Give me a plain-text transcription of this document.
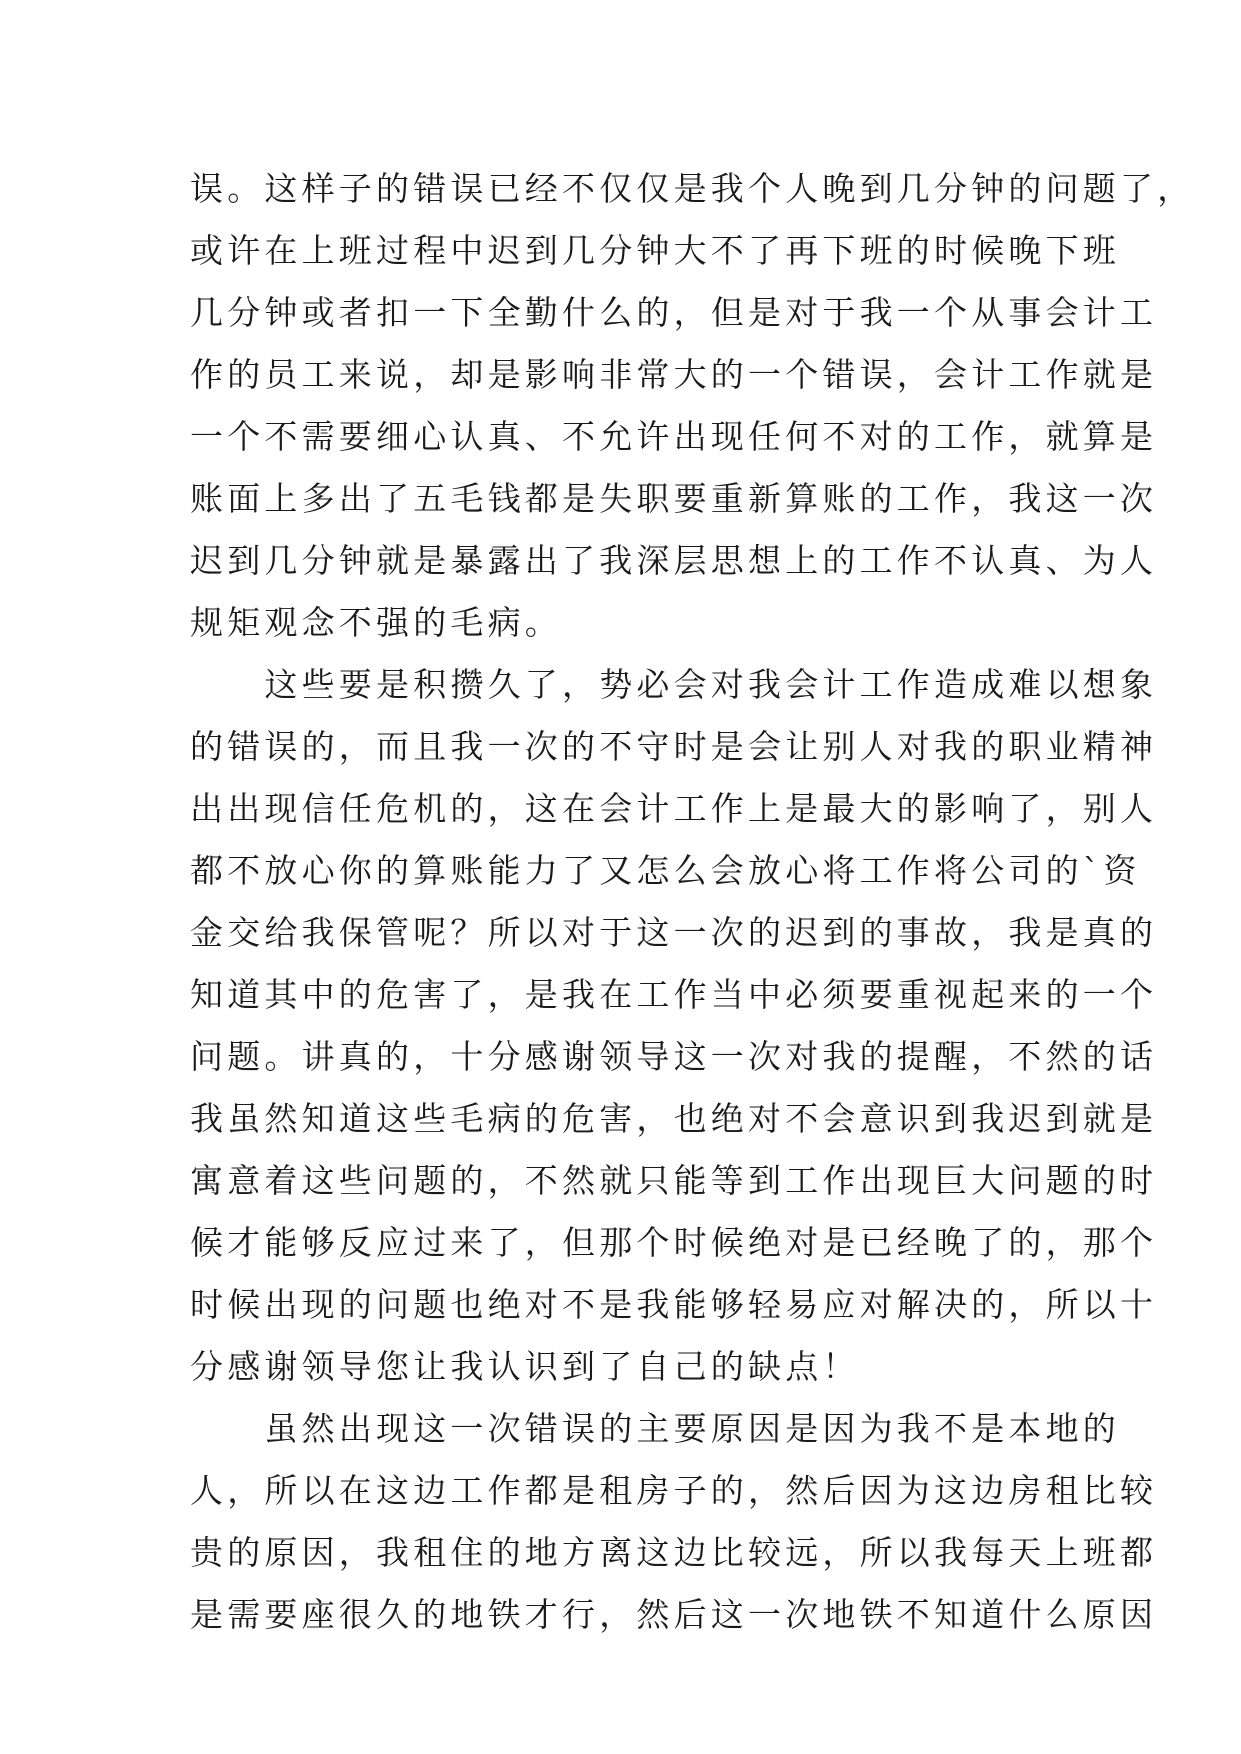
误。这样子的错误已经不仅仅是我个人晚到几分钟的问题了，
或许在上班过程中迟到几分钟大不了再下班的时候晚下班
几分钟或者扣一下全勤什么的，但是对于我一个从事会计工
作的员工来说，却是影响非常大的一个错误，会计工作就是
一个不需要细心认真、不允许出现任何不对的工作，就算是
账面上多出了五毛钱都是失职要重新算账的工作，我这一次
迟到几分钟就是暴露出了我深层思想上的工作不认真、为人
规矩观念不强的毛病。
　　这些要是积攒久了，势必会对我会计工作造成难以想象
的错误的，而且我一次的不守时是会让别人对我的职业精神
出出现信任危机的，这在会计工作上是最大的影响了，别人
都不放心你的算账能力了又怎么会放心将工作将公司的`资
金交给我保管呢？所以对于这一次的迟到的事故，我是真的
知道其中的危害了，是我在工作当中必须要重视起来的一个
问题。讲真的，十分感谢领导这一次对我的提醒，不然的话
我虽然知道这些毛病的危害，也绝对不会意识到我迟到就是
寓意着这些问题的，不然就只能等到工作出现巨大问题的时
候才能够反应过来了，但那个时候绝对是已经晚了的，那个
时候出现的问题也绝对不是我能够轻易应对解决的，所以十
分感谢领导您让我认识到了自己的缺点！
　　虽然出现这一次错误的主要原因是因为我不是本地的
人，所以在这边工作都是租房子的，然后因为这边房租比较
贵的原因，我租住的地方离这边比较远，所以我每天上班都
是需要座很久的地铁才行，然后这一次地铁不知道什么原因
